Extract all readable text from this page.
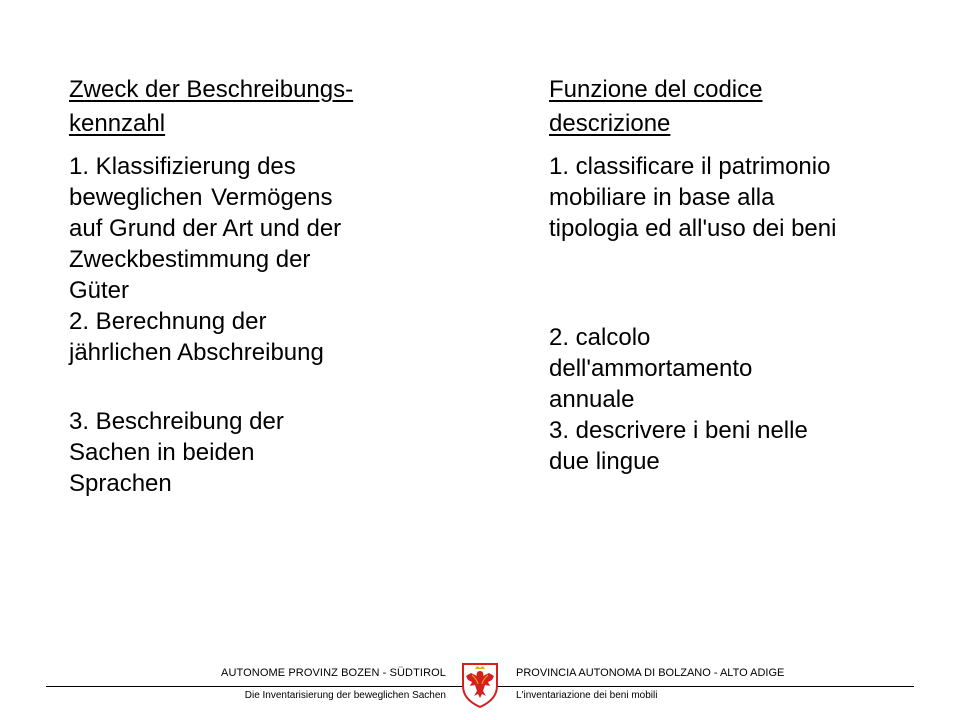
Zweck der Beschreibungs-
kennzahl
1. Klassifizierung des
beweglichen Vermögens
auf Grund der Art und der
Zweckbestimmung der
Güter
2. Berechnung der
jährlichen Abschreibung
3. Beschreibung der
Sachen in beiden
Sprachen
Funzione del codice
descrizione
1. classificare il patrimonio
mobiliare in base alla
tipologia ed all'uso dei beni
2. calcolo
dell'ammortamento
annuale
3. descrivere i beni nelle
due lingue
AUTONOME PROVINZ BOZEN - SÜDTIROL	PROVINCIA AUTONOMA DI BOLZANO - ALTO ADIGE
Die Inventarisierung der beweglichen Sachen	L'inventariazione dei beni mobili
